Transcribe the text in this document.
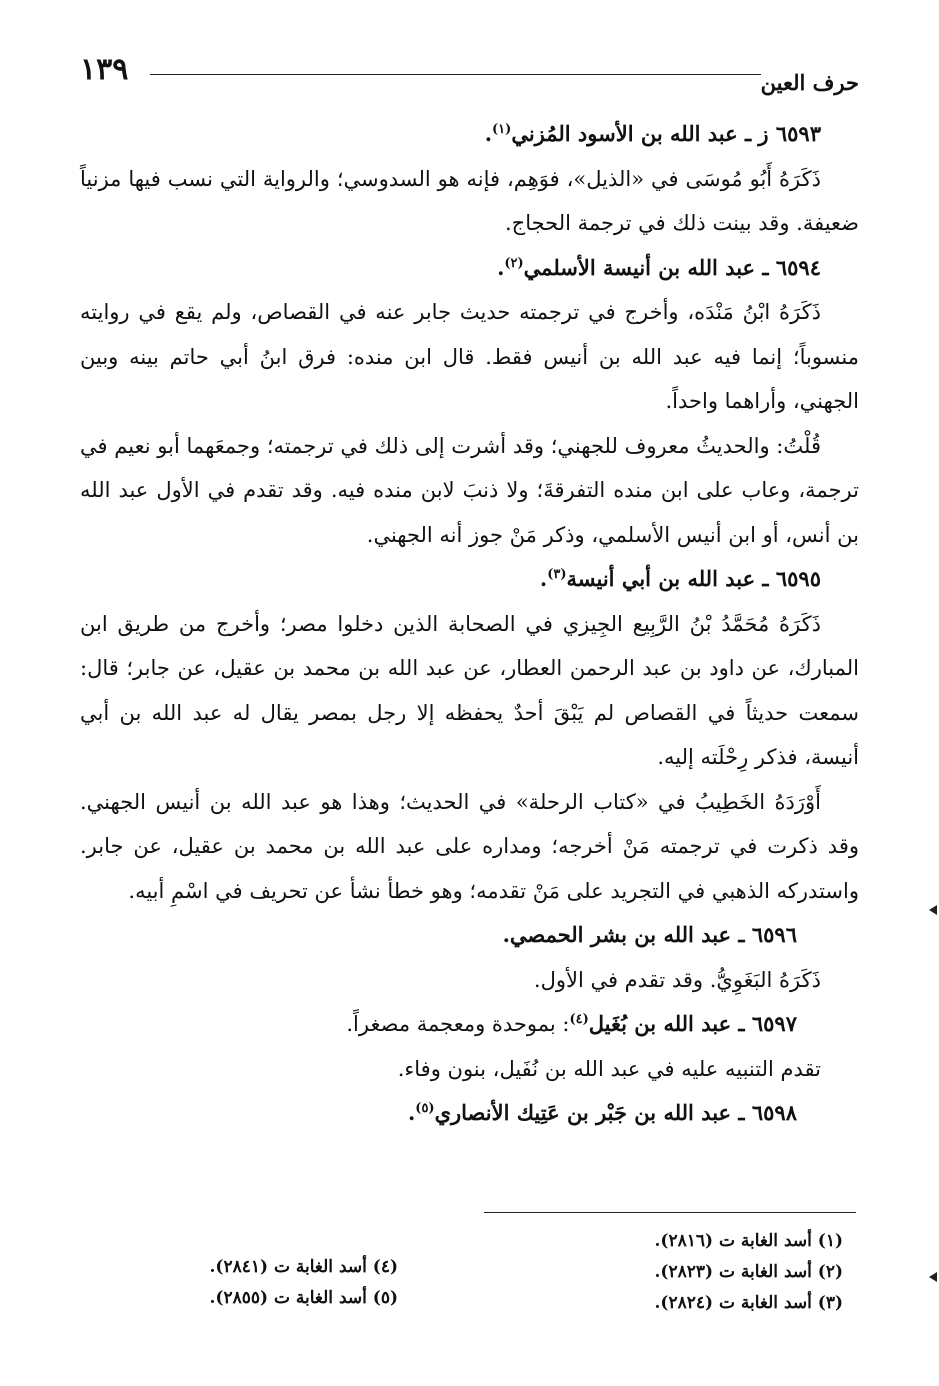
١٣٩	حرف العين

٦٥٩٣ ز ـ عبد الله بن الأسود المُزني$^{(١)}$.

ذَكَرَهُ أَبُو مُوسَى في «الذيل»، فوَهِم، فإنه هو السدوسي؛ والرواية التي نسب فيها مزنياً ضعيفة. وقد بينت ذلك في ترجمة الحجاج.

٦٥٩٤ ـ عبد الله بن أنيسة الأسلمي$^{(٢)}$.

ذَكَرَهُ ابْنُ مَنْدَه، وأخرج في ترجمته حديث جابر عنه في القصاص، ولم يقع في روايته منسوباً؛ إنما فيه عبد الله بن أنيس فقط. قال ابن منده: فرق ابنُ أبي حاتم بينه وبين الجهني، وأراهما واحداً.

قُلْتُ: والحديثُ معروف للجهني؛ وقد أشرت إلى ذلك في ترجمته؛ وجمعَهما أبو نعيم في ترجمة، وعاب على ابن منده التفرقةَ؛ ولا ذنبَ لابن منده فيه. وقد تقدم في الأول عبد الله بن أنس، أو ابن أنيس الأسلمي، وذكر مَنْ جوز أنه الجهني.

٦٥٩٥ ـ عبد الله بن أبي أنيسة$^{(٣)}$.

ذَكَرَهُ مُحَمَّدُ بْنُ الرَّبِيع الجِيزي في الصحابة الذين دخلوا مصر؛ وأخرج من طريق ابن المبارك، عن داود بن عبد الرحمن العطار، عن عبد الله بن محمد بن عقيل، عن جابر؛ قال: سمعت حديثاً في القصاص لم يَبْقَ أحدٌ يحفظه إلا رجل بمصر يقال له عبد الله بن أبي أنيسة، فذكر رِحْلَته إليه.

أَوْرَدَهُ الخَطِيبُ في «كتاب الرحلة» في الحديث؛ وهذا هو عبد الله بن أنيس الجهني. وقد ذكرت في ترجمته مَنْ أخرجه؛ ومداره على عبد الله بن محمد بن عقيل، عن جابر. واستدركه الذهبي في التجريد على مَنْ تقدمه؛ وهو خطأ نشأ عن تحريف في اسْمِ أبيه.

٦٥٩٦ ـ عبد الله بن بشر الحمصي.

ذَكَرَهُ البَغَوِيُّ. وقد تقدم في الأول.

٦٥٩٧ ـ عبد الله بن بُغَيل$^{(٤)}$: بموحدة ومعجمة مصغراً.

تقدم التنبيه عليه في عبد الله بن نُفَيل، بنون وفاء.

٦٥٩٨ ـ عبد الله بن جَبْر بن عَتِيك الأنصاري$^{(٥)}$.

(١) أسد الغابة ت (٢٨١٦).
(٢) أسد الغابة ت (٢٨٢٣).
(٣) أسد الغابة ت (٢٨٢٤).
(٤) أسد الغابة ت (٢٨٤١).
(٥) أسد الغابة ت (٢٨٥٥).
